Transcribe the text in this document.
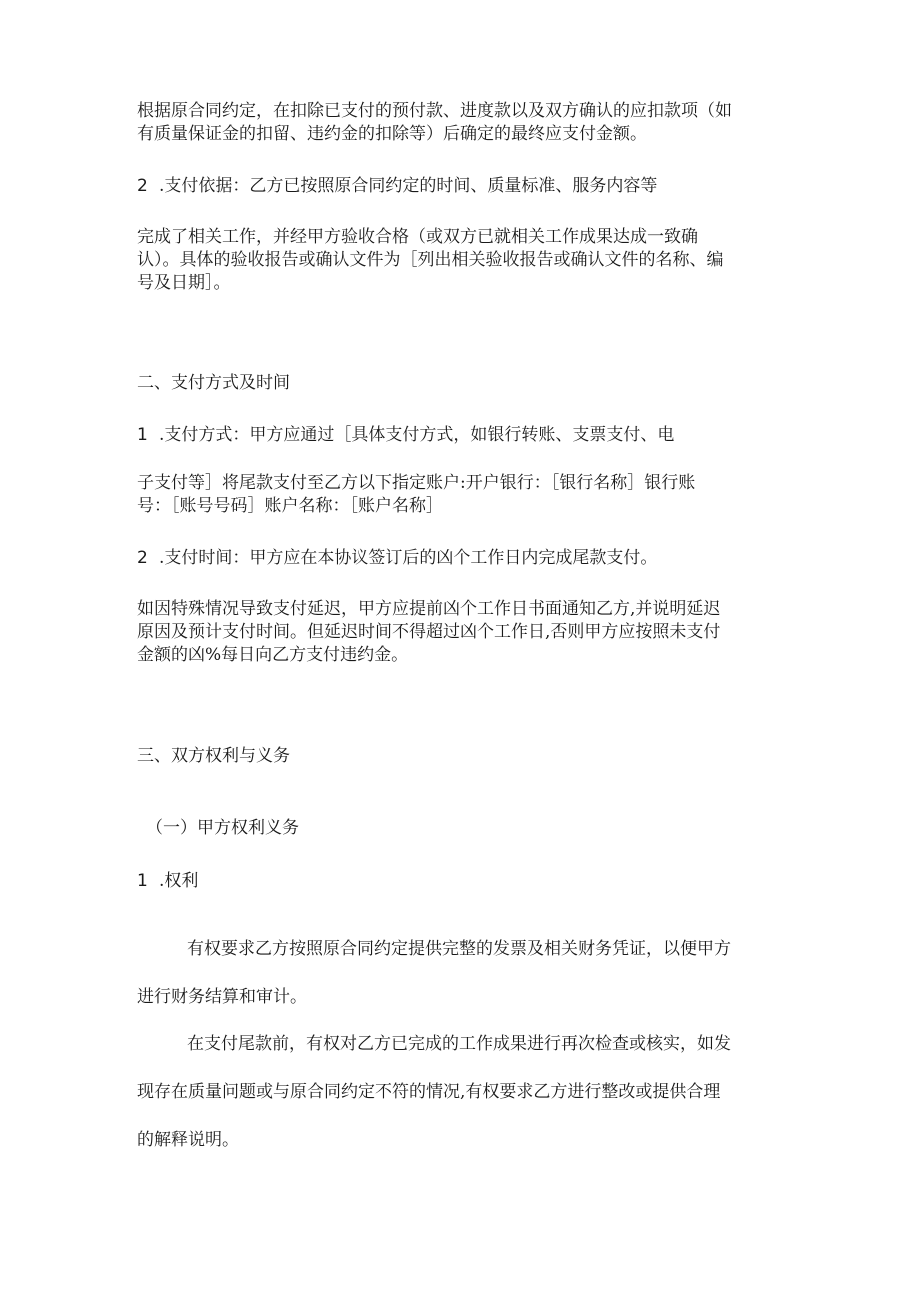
根据原合同约定，在扣除已支付的预付款、进度款以及双方确认的应扣款项（如
有质量保证金的扣留、违约金的扣除等）后确定的最终应支付金额。

2 .支付依据：乙方已按照原合同约定的时间、质量标准、服务内容等

完成了相关工作，并经甲方验收合格（或双方已就相关工作成果达成一致确
认）。具体的验收报告或确认文件为［列出相关验收报告或确认文件的名称、编
号及日期］。

二、支付方式及时间

1 .支付方式：甲方应通过［具体支付方式，如银行转账、支票支付、电

子支付等］将尾款支付至乙方以下指定账户:开户银行：［银行名称］银行账
号：［账号号码］账户名称：［账户名称］

2 .支付时间：甲方应在本协议签订后的凶个工作日内完成尾款支付。

如因特殊情况导致支付延迟，甲方应提前凶个工作日书面通知乙方,并说明延迟
原因及预计支付时间。但延迟时间不得超过凶个工作日,否则甲方应按照未支付
金额的凶%每日向乙方支付违约金。

三、双方权利与义务

（一）甲方权利义务

1 .权利

有权要求乙方按照原合同约定提供完整的发票及相关财务凭证，以便甲方
进行财务结算和审计。

在支付尾款前，有权对乙方已完成的工作成果进行再次检查或核实，如发
现存在质量问题或与原合同约定不符的情况,有权要求乙方进行整改或提供合理
的解释说明。
